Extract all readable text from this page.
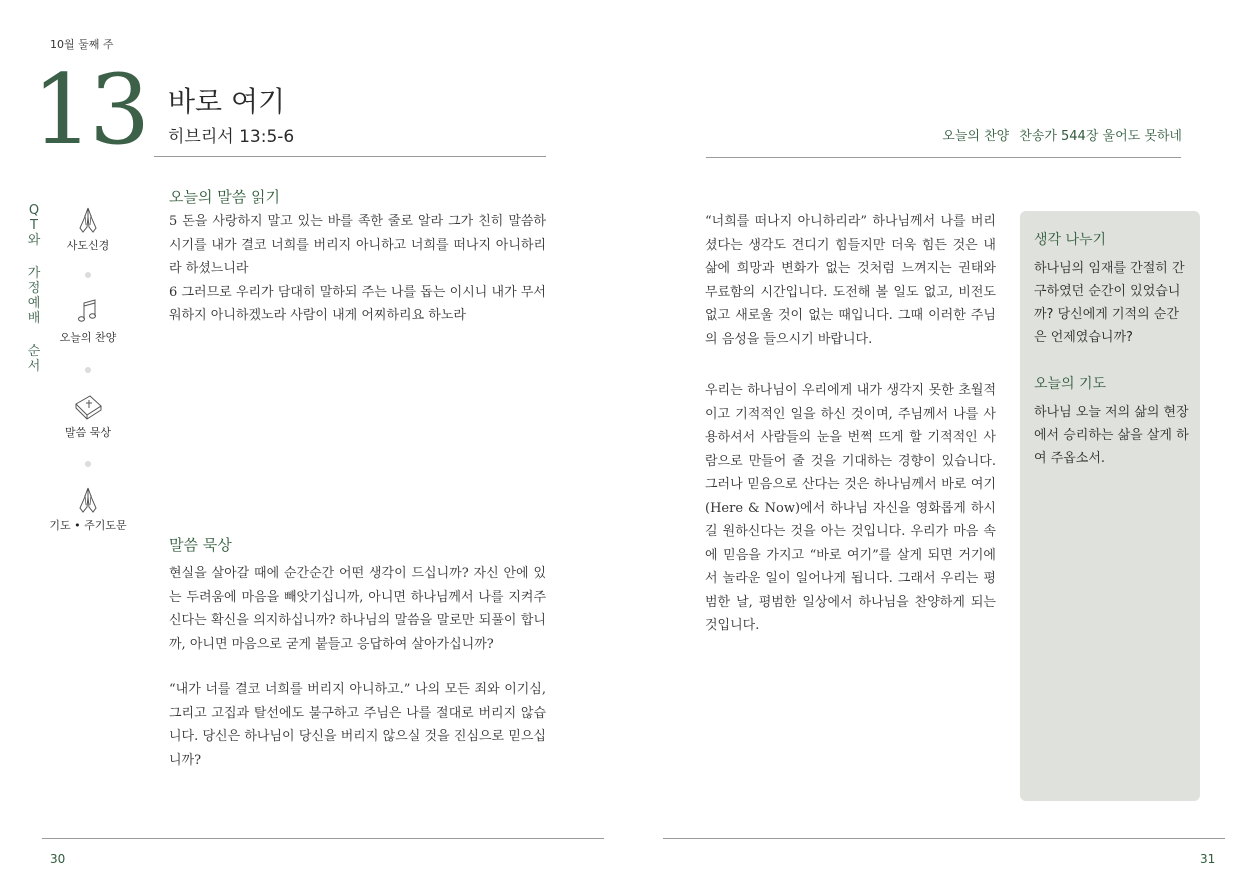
10월 둘째 주
13 바로 여기
히브리서 13:5-6	오늘의 찬양 찬송가 544장 울어도 못하네
Q
T
와
가
정
예
배
순
서
사도신경
오늘의 찬양
말씀 묵상
기도 • 주기도문
오늘의 말씀 읽기

5 돈을 사랑하지 말고 있는 바를 족한 줄로 알라 그가 친히 말씀하시기를 내가 결코 너희를 버리지 아니하고 너희를 떠나지 아니하리라 하셨느니라

6 그러므로 우리가 담대히 말하되 주는 나를 돕는 이시니 내가 무서워하지 아니하겠노라 사람이 내게 어찌하리요 하노라

말씀 묵상

현실을 살아갈 때에 순간순간 어떤 생각이 드십니까? 자신 안에 있는 두려움에 마음을 빼앗기십니까, 아니면 하나님께서 나를 지켜주신다는 확신을 의지하십니까? 하나님의 말씀을 말로만 되풀이 합니까, 아니면 마음으로 굳게 붙들고 응답하여 살아가십니까?

“내가 너를 결코 너희를 버리지 아니하고.” 나의 모든 죄와 이기심, 그리고 고집과 탈선에도 불구하고 주님은 나를 절대로 버리지 않습니다. 당신은 하나님이 당신을 버리지 않으실 것을 진심으로 믿으십니까?

“너희를 떠나지 아니하리라” 하나님께서 나를 버리셨다는 생각도 견디기 힘들지만 더욱 힘든 것은 내 삶에 희망과 변화가 없는 것처럼 느껴지는 권태와 무료함의 시간입니다. 도전해 볼 일도 없고, 비전도 없고 새로울 것이 없는 때입니다. 그때 이러한 주님의 음성을 들으시기 바랍니다.

우리는 하나님이 우리에게 내가 생각지 못한 초월적이고 기적적인 일을 하신 것이며, 주님께서 나를 사용하셔서 사람들의 눈을 번쩍 뜨게 할 기적적인 사람으로 만들어 줄 것을 기대하는 경향이 있습니다. 그러나 믿음으로 산다는 것은 하나님께서 바로 여기(Here & Now)에서 하나님 자신을 영화롭게 하시길 원하신다는 것을 아는 것입니다. 우리가 마음 속에 믿음을 가지고 “바로 여기”를 살게 되면 거기에서 놀라운 일이 일어나게 됩니다. 그래서 우리는 평범한 날, 평범한 일상에서 하나님을 찬양하게 되는 것입니다.

생각 나누기

하나님의 임재를 간절히 간구하였던 순간이 있었습니까? 당신에게 기적의 순간은 언제였습니까?

오늘의 기도

하나님 오늘 저의 삶의 현장에서 승리하는 삶을 살게 하여 주옵소서.

30	31
